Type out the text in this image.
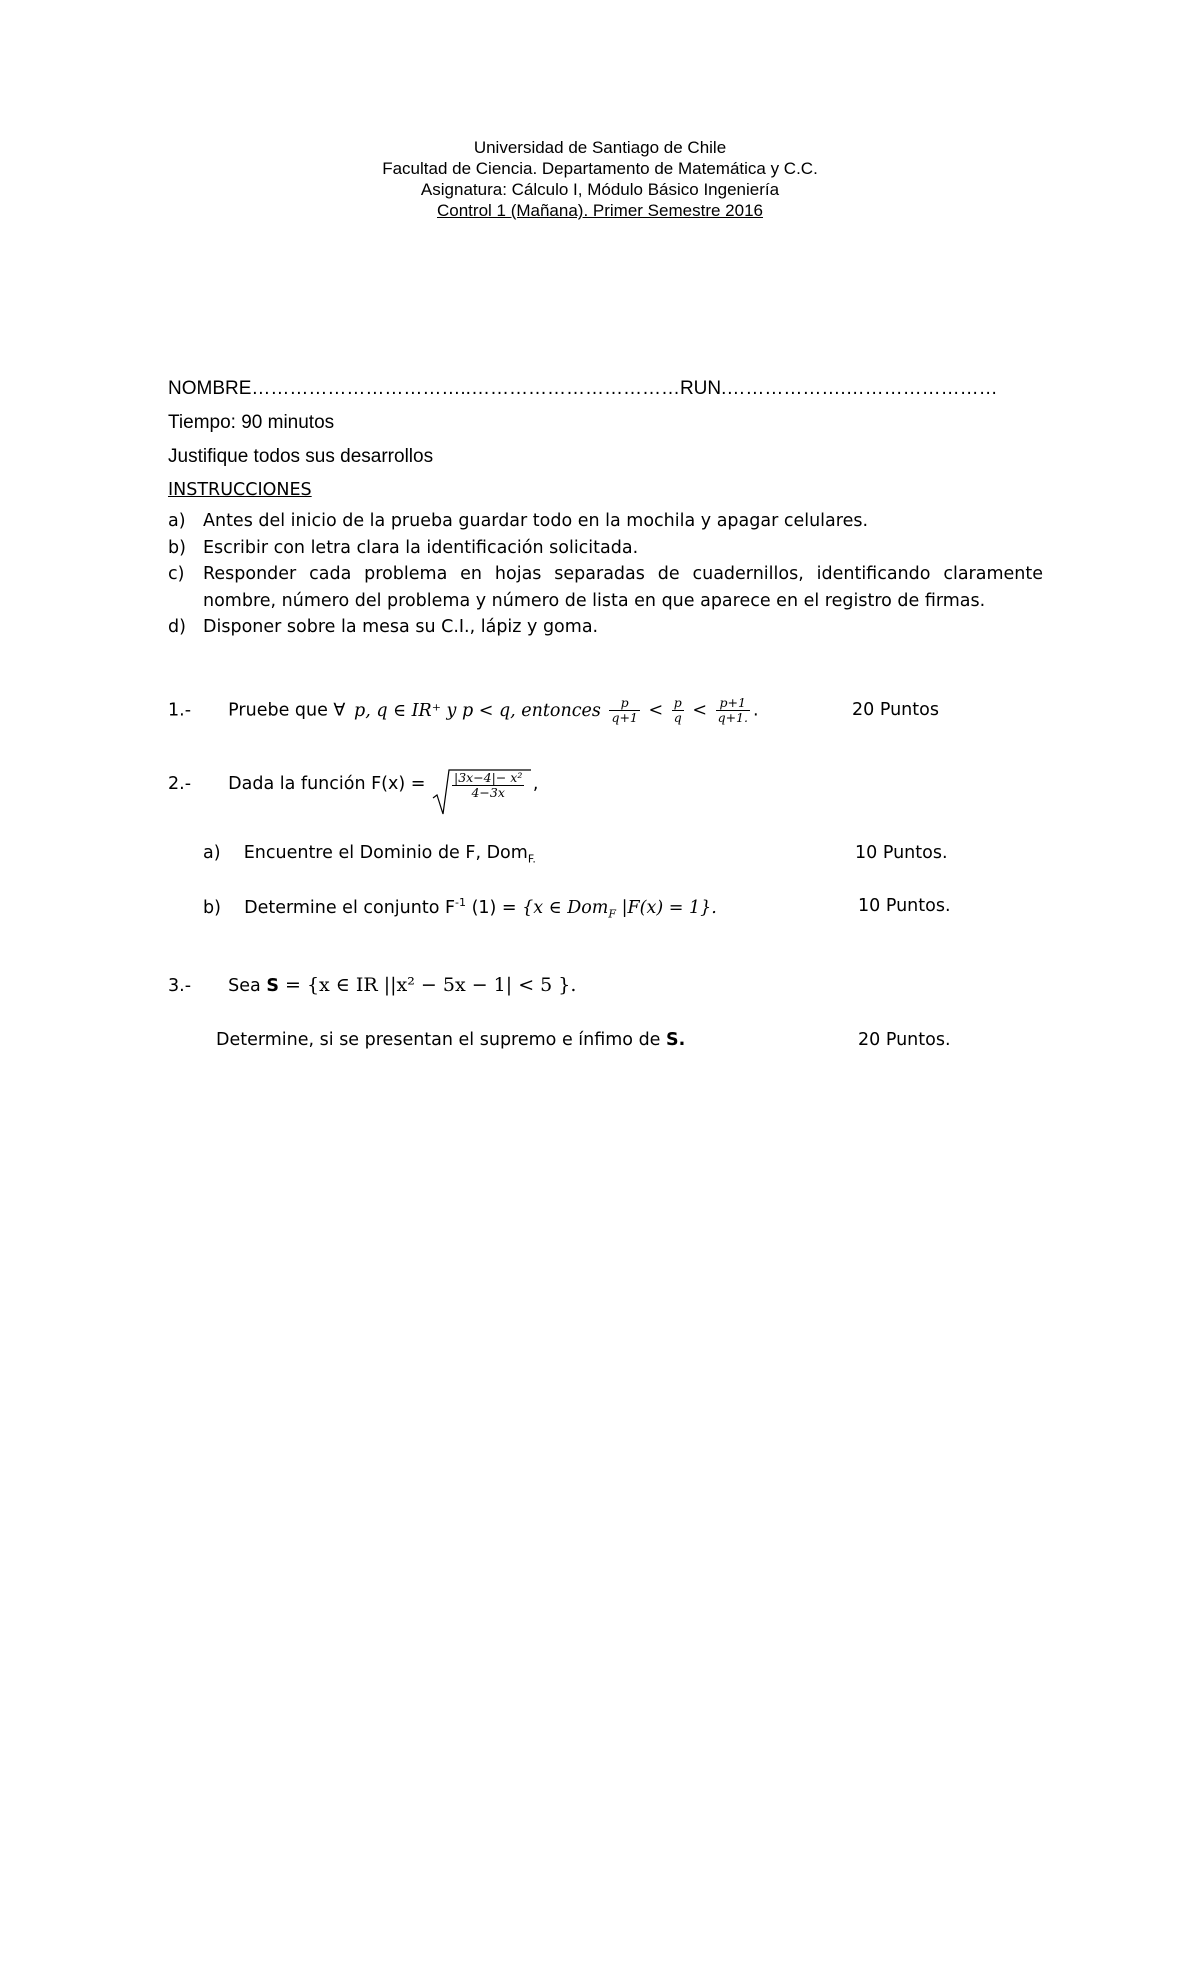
Universidad de Santiago de Chile
Facultad de Ciencia. Departamento de Matemática y C.C.
Asignatura: Cálculo I, Módulo Básico Ingeniería
Control 1 (Mañana). Primer Semestre 2016
NOMBRE……………………………..……………………………RUN.……………….……………………
Tiempo: 90 minutos
Justifique todos sus desarrollos
INSTRUCCIONES
a) Antes del inicio de la prueba guardar todo en la mochila y apagar celulares.
b) Escribir con letra clara la identificación solicitada.
c)	Responder cada problema en hojas separadas de cuadernillos, identificando claramente nombre, número del problema y número de lista en que aparece en el registro de firmas.
d) Disponer sobre la mesa su C.I., lápiz y goma.
1.- Pruebe que ∀ p, q ∈ IR⁺ y p < q, entonces $\frac{p}{q+1} < \frac{p}{q} < \frac{p+1}{q+1.}$ .	20 Puntos
2.- Dada la función $F(x) = \frac{\text{|3x−4|− x²}}{4-3x}$ ,
a) Encuentre el Dominio de F, Dom$_{F.}$	10 Puntos.
b) Determine el conjunto $F^{-1}$ (1) = {x ∈ Dom$_F$ |F(x) = 1}.	10 Puntos.
3.- Sea S = {x ∈ IR ||x² − 5x − 1| < 5 }.
Determine, si se presentan el supremo e ínfimo de S.	20 Puntos.
